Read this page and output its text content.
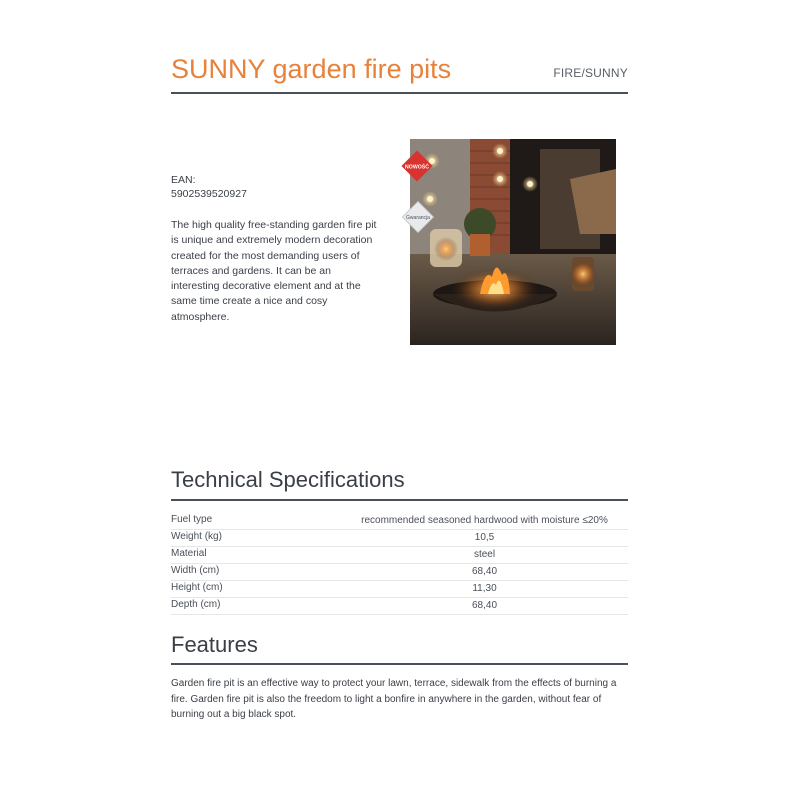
SUNNY garden fire pits	FIRE/SUNNY
EAN:
5902539520927
The high quality free-standing garden fire pit is unique and extremely modern decoration created for the most demanding users of terraces and gardens. It can be an interesting decorative element and at the same time create a nice and cosy atmosphere.
NOWOŚĆ
Gwarancja
Technical Specifications
Fuel type	recommended seasoned hardwood with moisture ≤20%
Weight (kg)	10,5
Material	steel
Width (cm)	68,40
Height (cm)	11,30
Depth (cm)	68,40
Features
Garden fire pit is an effective way to protect your lawn, terrace, sidewalk from the effects of burning a fire. Garden fire pit is also the freedom to light a bonfire in anywhere in the garden, without fear of burning out a big black spot.
